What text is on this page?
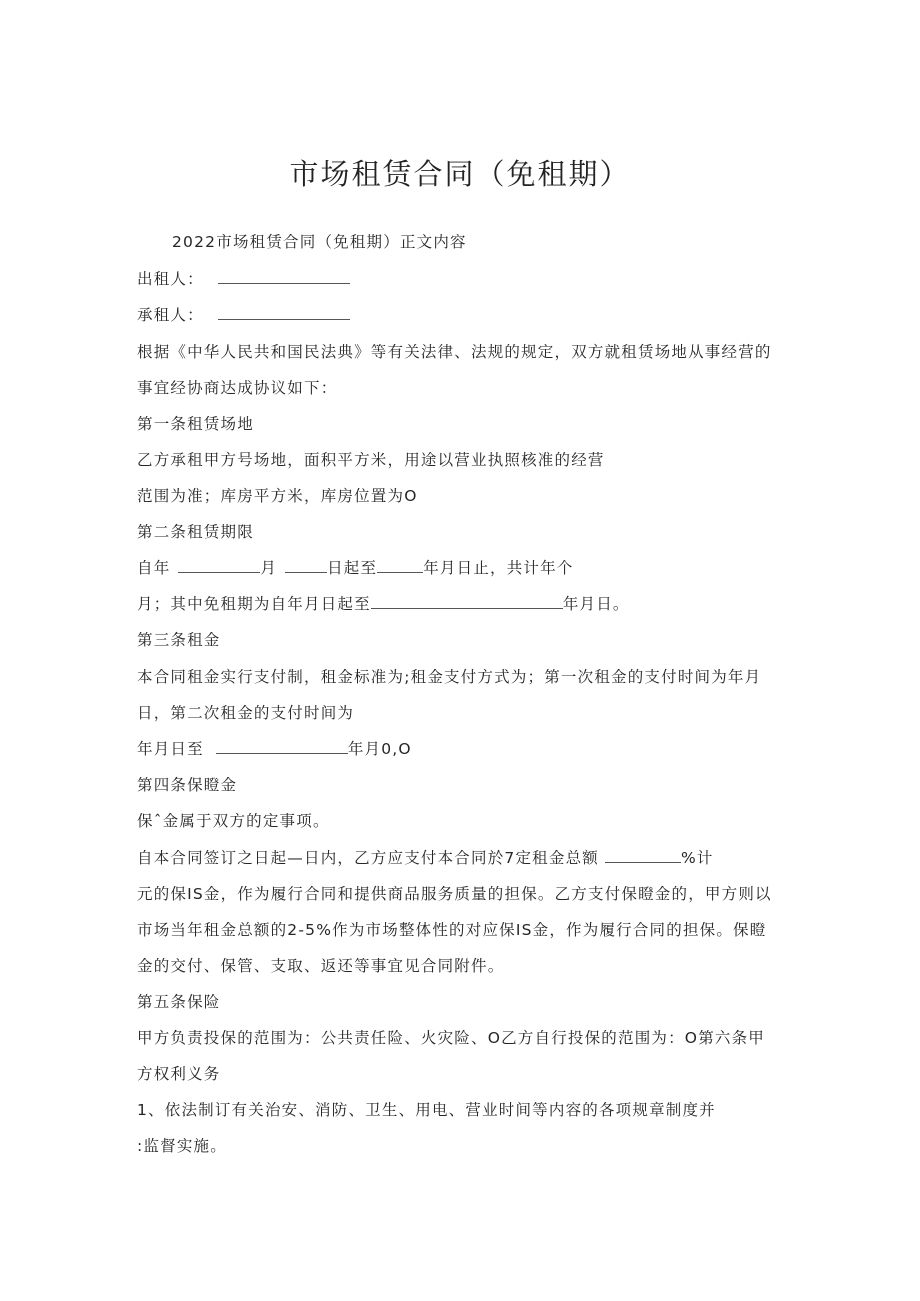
市场租赁合同（免租期）
2022市场租赁合同（免租期）正文内容
出租人：
承租人：
根据《中华人民共和国民法典》等有关法律、法规的规定，双方就租赁场地从事经营的
事宜经协商达成协议如下：
第一条租赁场地
乙方承租甲方号场地，面积平方米，用途以营业执照核准的经营
范围为准；库房平方米，库房位置为O
第二条租赁期限
自年	月	日起至	年月日止，共计年个
月；其中免租期为自年月日起至	年月日。
第三条租金
本合同租金实行支付制，租金标准为;租金支付方式为；第一次租金的支付时间为年月
日，第二次租金的支付时间为
年月日至	年月0,O
第四条保瞪金
保ˆ金属于双方的定事项。
自本合同签订之日起—日内，乙方应支付本合同於7定租金总额	%计
元的保IS金，作为履行合同和提供商品服务质量的担保。乙方支付保瞪金的，甲方则以
市场当年租金总额的2-5%作为市场整体性的对应保IS金，作为履行合同的担保。保瞪
金的交付、保管、支取、返还等事宜见合同附件。
第五条保险
甲方负责投保的范围为：公共责任险、火灾险、O乙方自行投保的范围为：O第六条甲
方权利义务
1、依法制订有关治安、消防、卫生、用电、营业时间等内容的各项规章制度并
:监督实施。
